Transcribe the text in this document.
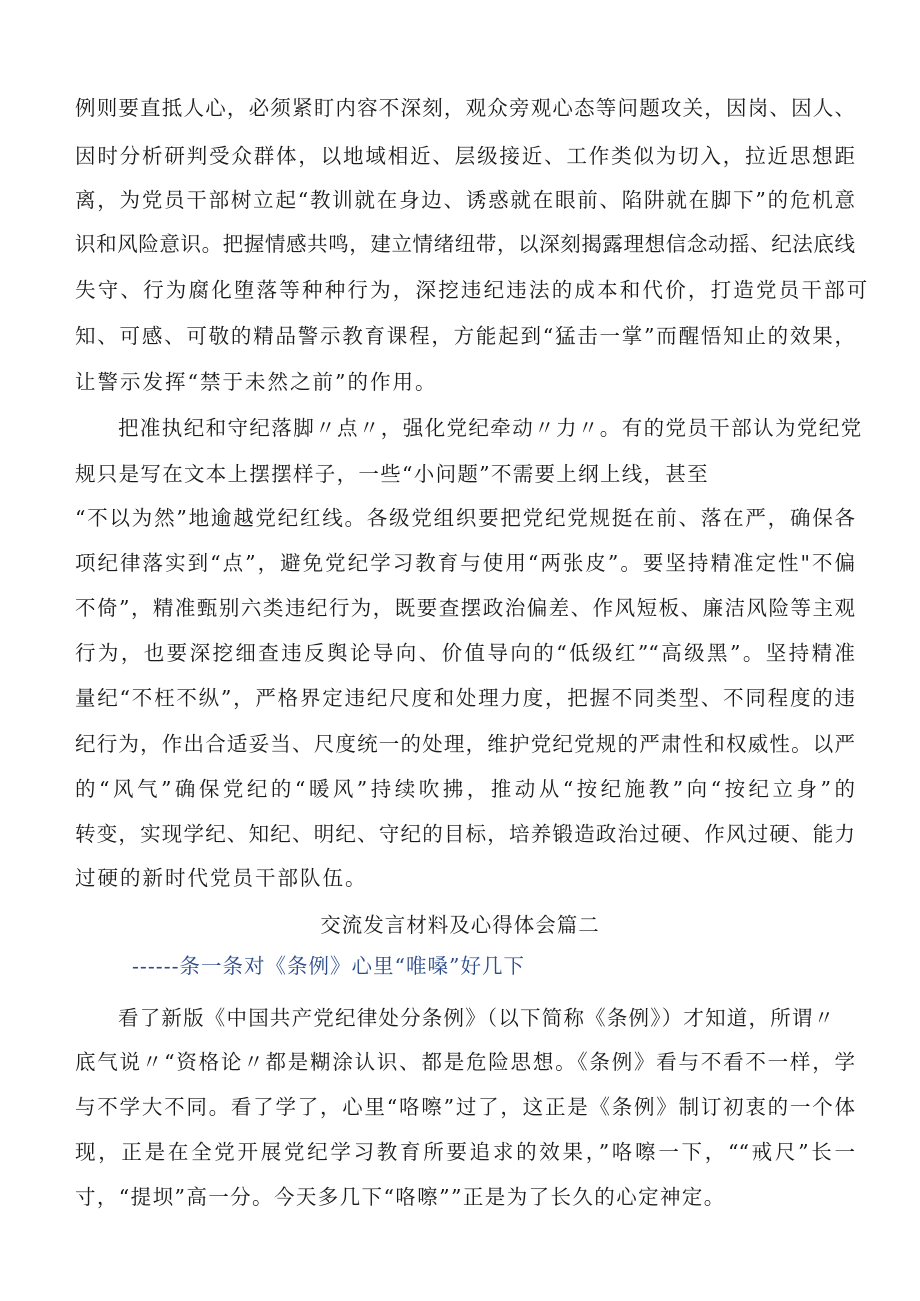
例则要直抵人心，必须紧盯内容不深刻，观众旁观心态等问题攻关，因岗、因人、
因时分析研判受众群体，以地域相近、层级接近、工作类似为切入，拉近思想距
离，为党员干部树立起“教训就在身边、诱惑就在眼前、陷阱就在脚下”的危机意
识和风险意识。把握情感共鸣，建立情绪纽带，以深刻揭露理想信念动摇、纪法底线
失守、行为腐化堕落等种种行为，深挖违纪违法的成本和代价，打造党员干部可
知、可感、可敬的精品警示教育课程，方能起到“猛击一掌”而醒悟知止的效果，
让警示发挥“禁于未然之前”的作用。
把准执纪和守纪落脚〃点〃，强化党纪牵动〃力〃。有的党员干部认为党纪党
规只是写在文本上摆摆样子，一些“小问题”不需要上纲上线，甚至
“不以为然”地逾越党纪红线。各级党组织要把党纪党规挺在前、落在严，确保各
项纪律落实到“点”，避免党纪学习教育与使用“两张皮”。要坚持精准定性"不偏
不倚”，精准甄别六类违纪行为，既要查摆政治偏差、作风短板、廉洁风险等主观
行为，也要深挖细查违反舆论导向、价值导向的“低级红”“高级黑”。坚持精准
量纪“不枉不纵”，严格界定违纪尺度和处理力度，把握不同类型、不同程度的违
纪行为，作出合适妥当、尺度统一的处理，维护党纪党规的严肃性和权威性。以严
的“风气”确保党纪的“暖风”持续吹拂，推动从“按纪施教”向“按纪立身”的
转变，实现学纪、知纪、明纪、守纪的目标，培养锻造政治过硬、作风过硬、能力
过硬的新时代党员干部队伍。
交流发言材料及心得体会篇二
------条一条对《条例》心里“唯嗓”好几下
看了新版《中国共产党纪律处分条例》（以下简称《条例》）才知道，所谓〃
底气说〃“资格论〃都是糊涂认识、都是危险思想。《条例》看与不看不一样，学
与不学大不同。看了学了，心里“咯嚓”过了，这正是《条例》制订初衷的一个体
现，正是在全党开展党纪学习教育所要追求的效果，”咯嚓一下，““戒尺”长一
寸，“提坝”高一分。今天多几下“咯嚓””正是为了长久的心定神定。
